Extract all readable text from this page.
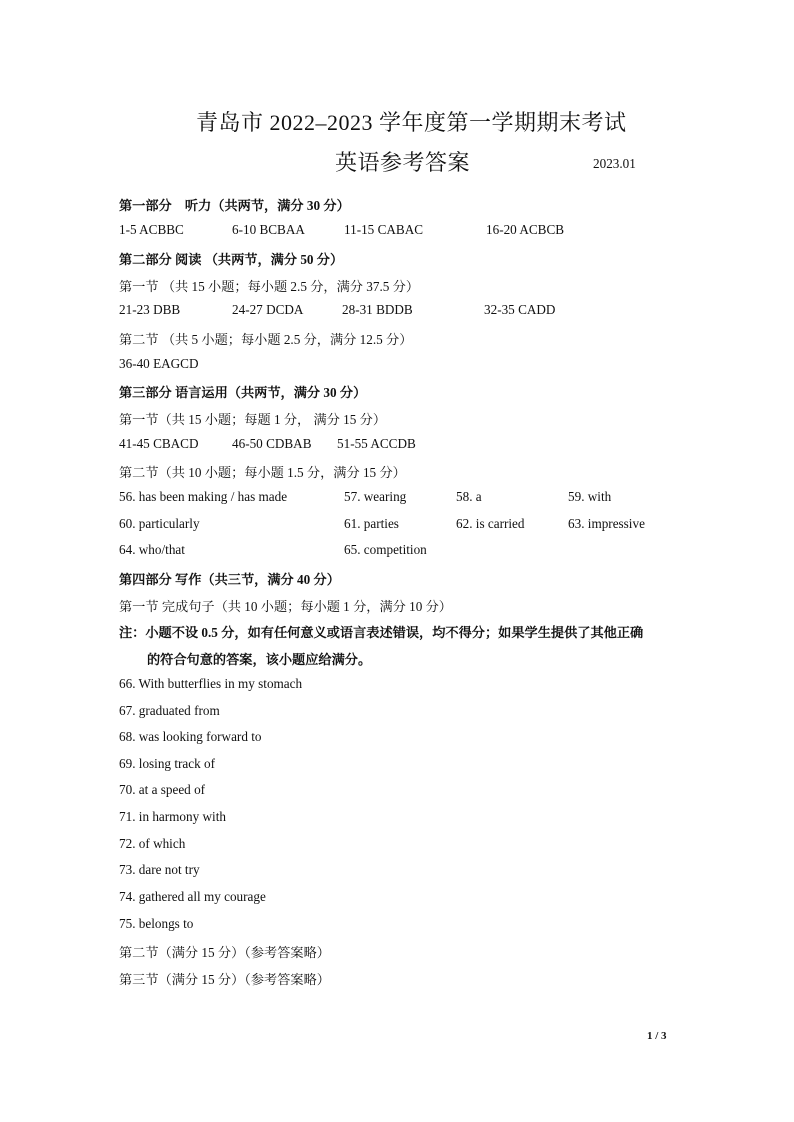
青岛市 2022–2023 学年度第一学期期末考试
英语参考答案	2023.01
第一部分　听力（共两节，满分 30 分）
1-5 ACBBC	6-10 BCBAA	11-15 CABAC	16-20 ACBCB
第二部分 阅读 （共两节，满分 50 分）
第一节 （共 15 小题；每小题 2.5 分，满分 37.5 分）
21-23 DBB	24-27 DCDA	28-31 BDDB	32-35 CADD
第二节 （共 5 小题；每小题 2.5 分，满分 12.5 分）
36-40 EAGCD
第三部分 语言运用（共两节，满分 30 分）
第一节（共 15 小题；每题 1 分， 满分 15 分）
41-45 CBACD	46-50 CDBAB 51-55 ACCDB
第二节（共 10 小题；每小题 1.5 分，满分 15 分）
56. has been making / has made	57. wearing	58. a	59. with
60. particularly	61. parties	62. is carried	63. impressive
64. who/that	65. competition
第四部分 写作（共三节，满分 40 分）
第一节 完成句子（共 10 小题；每小题 1 分，满分 10 分）
注：小题不设 0.5 分，如有任何意义或语言表述错误，均不得分；如果学生提供了其他正确
的符合句意的答案，该小题应给满分。
66. With butterflies in my stomach
67. graduated from
68. was looking forward to
69. losing track of
70. at a speed of
71. in harmony with
72. of which
73. dare not try
74. gathered all my courage
75. belongs to
第二节（满分 15 分）（参考答案略）
第三节（满分 15 分）（参考答案略）
1 / 3
